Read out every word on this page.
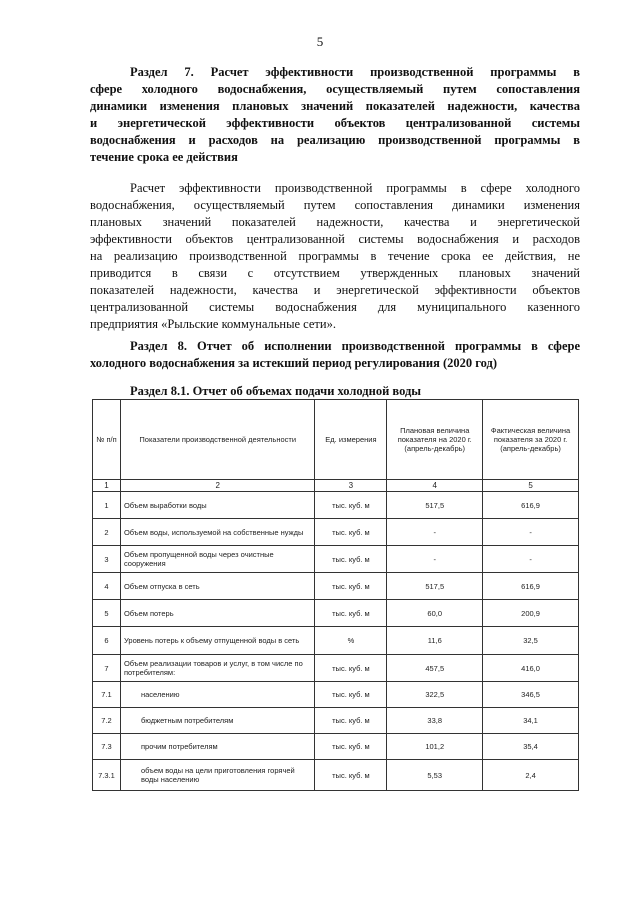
5
Раздел 7. Расчет эффективности производственной программы в
сфере холодного водоснабжения, осуществляемый путем сопоставления
динамики изменения плановых значений показателей надежности, качества
и энергетической эффективности объектов централизованной системы
водоснабжения и расходов на реализацию производственной программы в
течение срока ее действия
Расчет эффективности производственной программы в сфере холодного
водоснабжения, осуществляемый путем сопоставления динамики изменения
плановых значений показателей надежности, качества и энергетической
эффективности объектов централизованной системы водоснабжения и расходов
на реализацию производственной программы в течение срока ее действия, не
приводится в связи с отсутствием утвержденных плановых значений
показателей надежности, качества и энергетической эффективности объектов
централизованной системы водоснабжения для муниципального казенного
предприятия «Рыльские коммунальные сети».
Раздел 8. Отчет об исполнении производственной программы в сфере
холодного водоснабжения за истекший период регулирования (2020 год)
Раздел 8.1. Отчет об объемах подачи холодной воды
№ п/п	Показатели производственной деятельности	Ед. измерения	Плановая величина показателя на 2020 г. (апрель-декабрь)	Фактическая величина показателя за 2020 г. (апрель-декабрь)
1	2	3	4	5
1	Объем выработки воды	тыс. куб. м	517,5	616,9
2	Объем воды, используемой на собственные нужды	тыс. куб. м	-	-
3	Объем пропущенной воды через очистные сооружения	тыс. куб. м	-	-
4	Объем отпуска в сеть	тыс. куб. м	517,5	616,9
5	Объем потерь	тыс. куб. м	60,0	200,9
6	Уровень потерь к объему отпущенной воды в сеть	%	11,6	32,5
7	Объем реализации товаров и услуг, в том числе по потребителям:	тыс. куб. м	457,5	416,0
7.1	населению	тыс. куб. м	322,5	346,5
7.2	бюджетным потребителям	тыс. куб. м	33,8	34,1
7.3	прочим потребителям	тыс. куб. м	101,2	35,4
7.3.1	объем воды на цели приготовления горячей воды населению	тыс. куб. м	5,53	2,4
